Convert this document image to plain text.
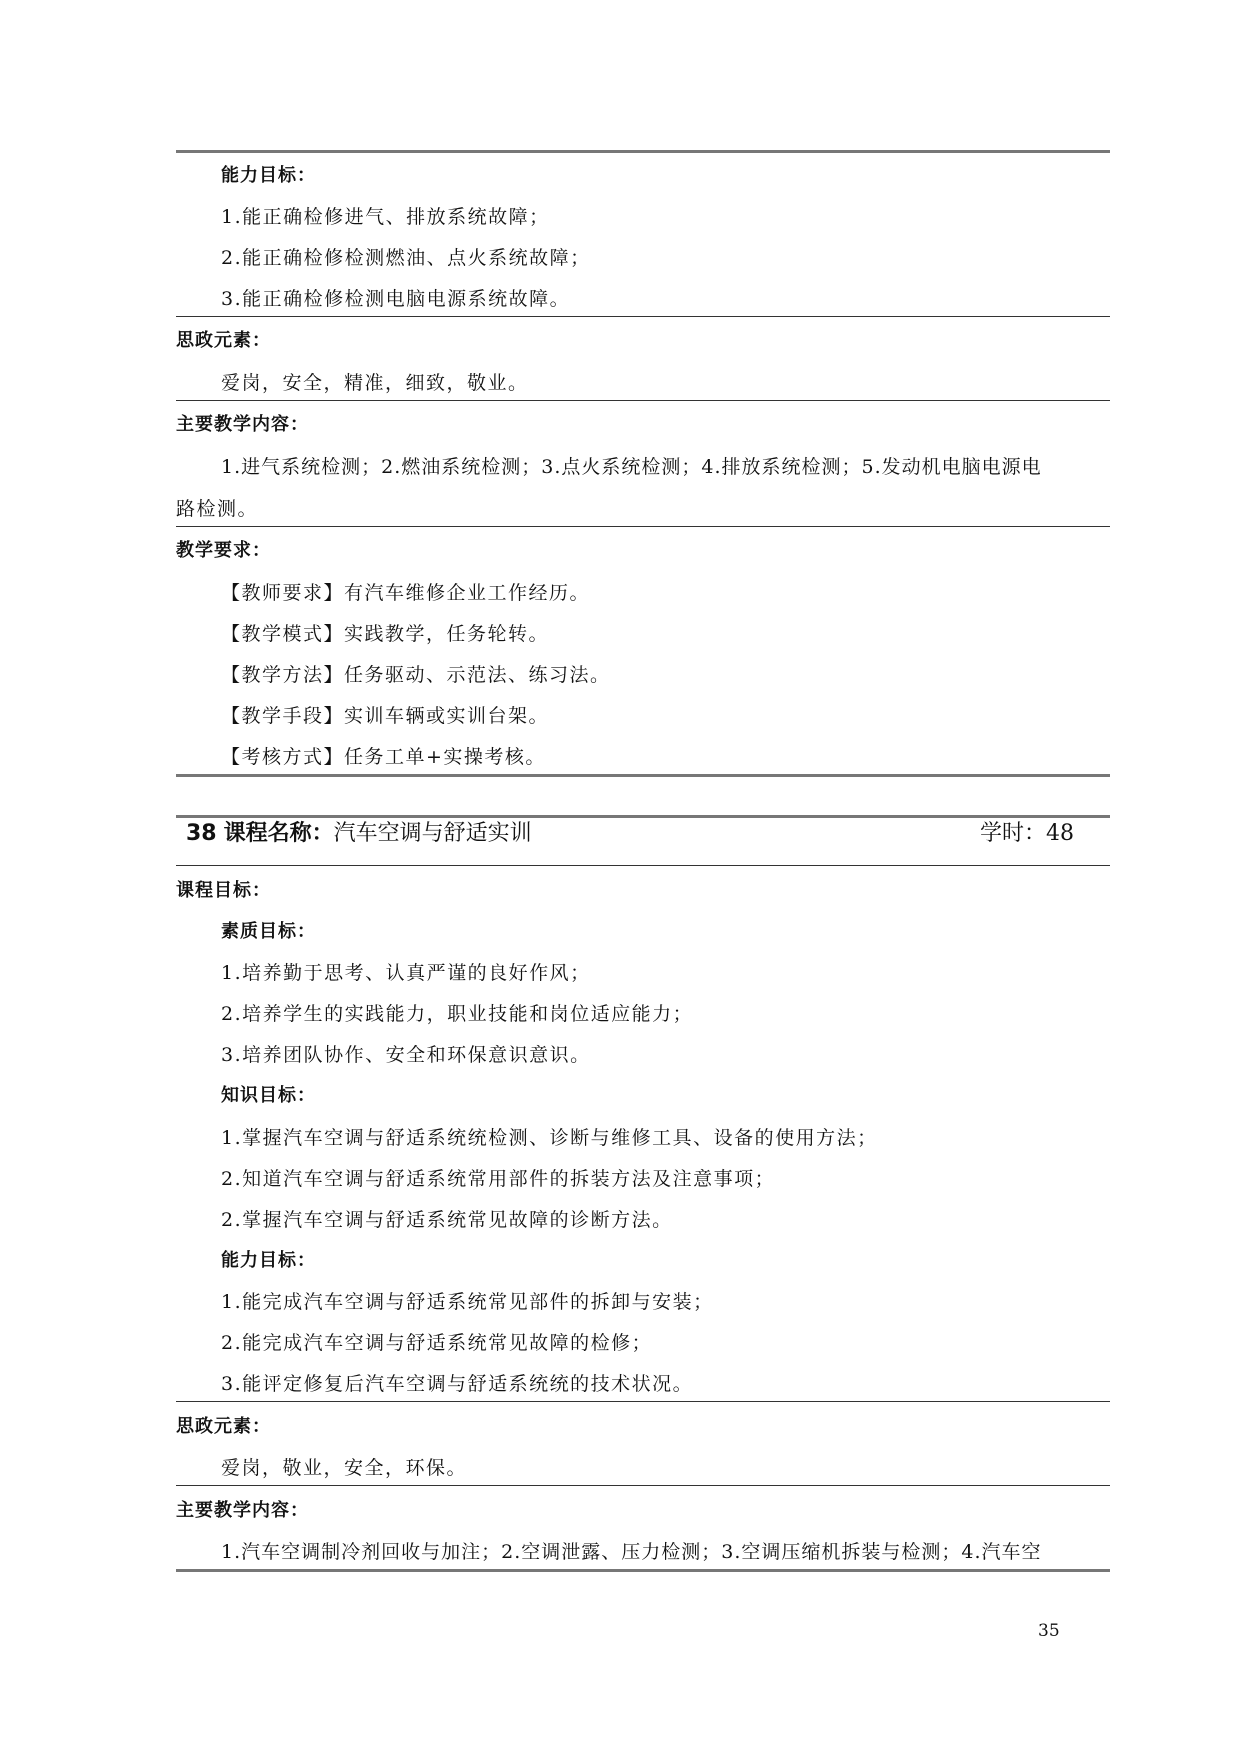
能力目标：
1.能正确检修进气、排放系统故障；
2.能正确检修检测燃油、点火系统故障；
3.能正确检修检测电脑电源系统故障。
思政元素：
爱岗，安全，精准，细致，敬业。
主要教学内容：
1.进气系统检测；2.燃油系统检测；3.点火系统检测；4.排放系统检测；5.发动机电脑电源电
路检测。
教学要求：
【教师要求】有汽车维修企业工作经历。
【教学模式】实践教学，任务轮转。
【教学方法】任务驱动、示范法、练习法。
【教学手段】实训车辆或实训台架。
【考核方式】任务工单+实操考核。
38 课程名称：汽车空调与舒适实训	学时：48
课程目标：
素质目标：
1.培养勤于思考、认真严谨的良好作风；
2.培养学生的实践能力，职业技能和岗位适应能力；
3.培养团队协作、安全和环保意识意识。
知识目标：
1.掌握汽车空调与舒适系统统检测、诊断与维修工具、设备的使用方法；
2.知道汽车空调与舒适系统常用部件的拆装方法及注意事项；
2.掌握汽车空调与舒适系统常见故障的诊断方法。
能力目标：
1.能完成汽车空调与舒适系统常见部件的拆卸与安装；
2.能完成汽车空调与舒适系统常见故障的检修；
3.能评定修复后汽车空调与舒适系统统的技术状况。
思政元素：
爱岗，敬业，安全，环保。
主要教学内容：
1.汽车空调制冷剂回收与加注；2.空调泄露、压力检测；3.空调压缩机拆装与检测；4.汽车空
35
